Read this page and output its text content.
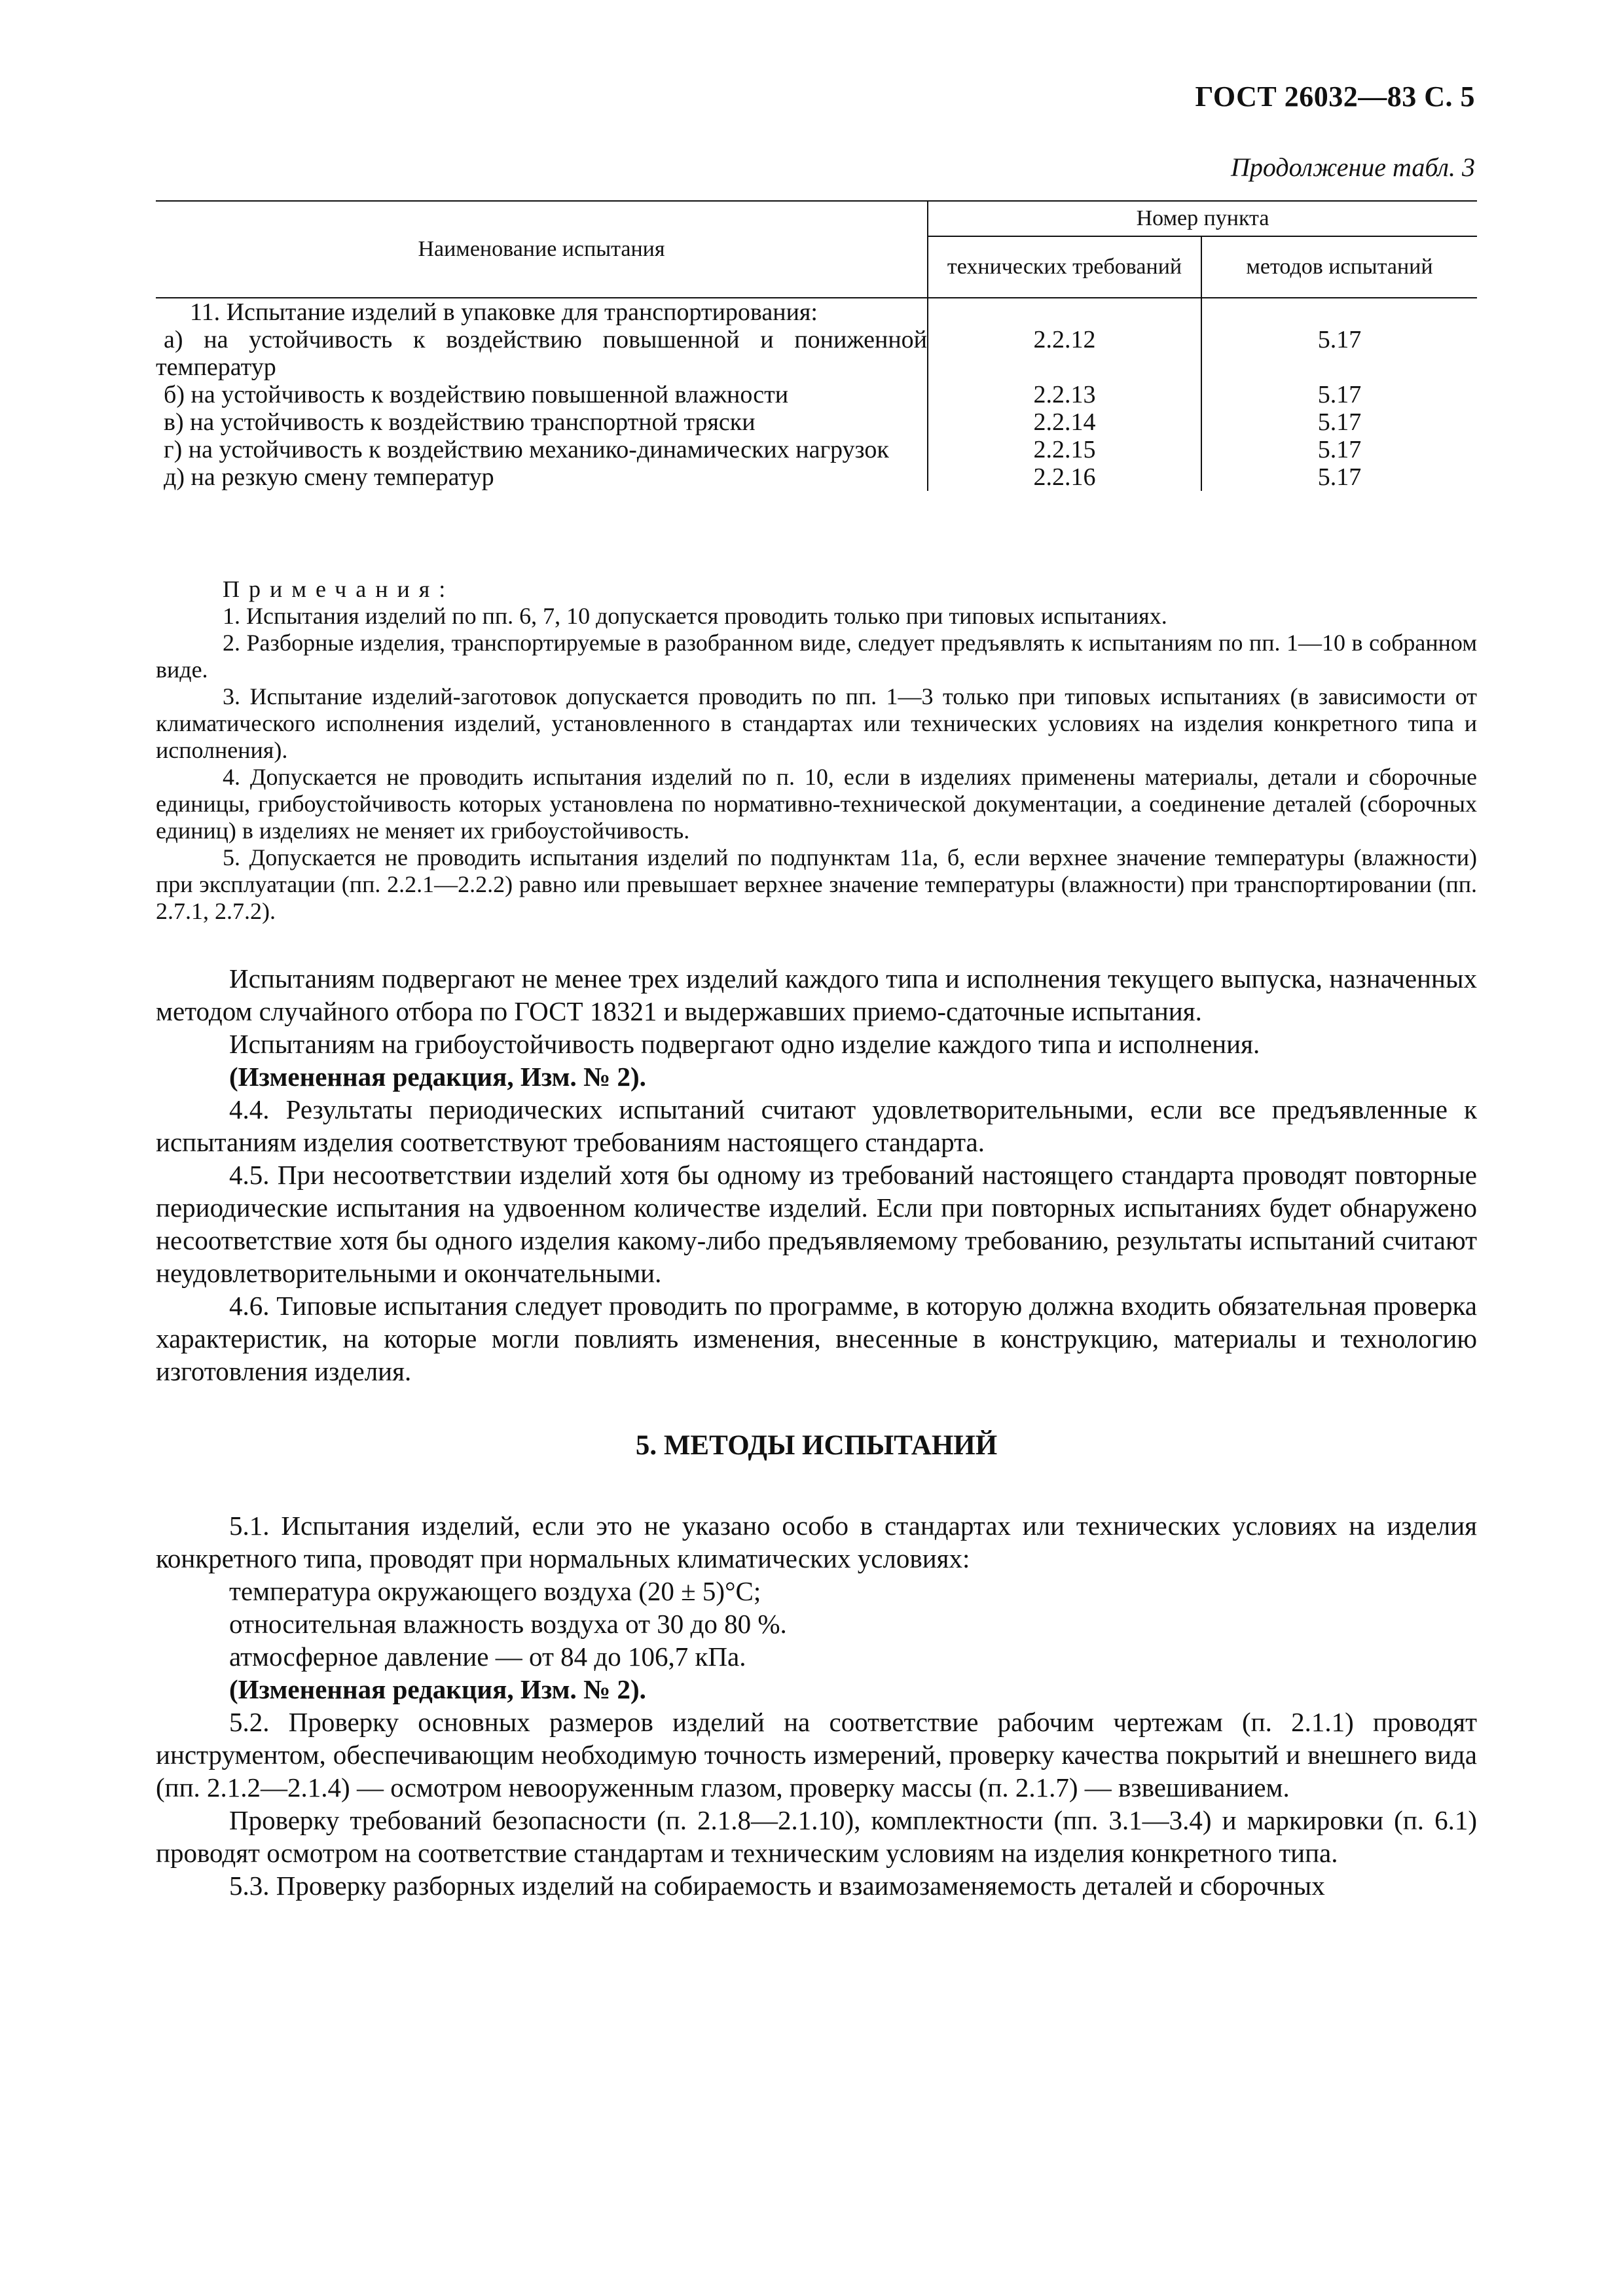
ГОСТ 26032—83 С. 5
Продолжение табл. 3
Наименование испытания	Номер пункта	
	технических требований	методов испытаний
11. Испытание изделий в упаковке для транспортирования:		
а) на устойчивость к воздействию повышенной и пониженной температур	2.2.12	5.17
б) на устойчивость к воздействию повышенной влажности	2.2.13	5.17
в) на устойчивость к воздействию транспортной тряски	2.2.14	5.17
г) на устойчивость к воздействию механико-динамических нагрузок	2.2.15	5.17
д) на резкую смену температур	2.2.16	5.17
Примечания:

1. Испытания изделий по пп. 6, 7, 10 допускается проводить только при типовых испытаниях.

2. Разборные изделия, транспортируемые в разобранном виде, следует предъявлять к испытаниям по пп. 1—10 в собранном виде.

3. Испытание изделий-заготовок допускается проводить по пп. 1—3 только при типовых испытаниях (в зависимости от климатического исполнения изделий, установленного в стандартах или технических условиях на изделия конкретного типа и исполнения).

4. Допускается не проводить испытания изделий по п. 10, если в изделиях применены материалы, детали и сборочные единицы, грибоустойчивость которых установлена по нормативно-технической документации, а соединение деталей (сборочных единиц) в изделиях не меняет их грибоустойчивость.

5. Допускается не проводить испытания изделий по подпунктам 11а, б, если верхнее значение температуры (влажности) при эксплуатации (пп. 2.2.1—2.2.2) равно или превышает верхнее значение температуры (влажности) при транспортировании (пп. 2.7.1, 2.7.2).

Испытаниям подвергают не менее трех изделий каждого типа и исполнения текущего выпуска, назначенных методом случайного отбора по ГОСТ 18321 и выдержавших приемо-сдаточные испытания.

Испытаниям на грибоустойчивость подвергают одно изделие каждого типа и исполнения.

(Измененная редакция, Изм. № 2).

4.4. Результаты периодических испытаний считают удовлетворительными, если все предъявленные к испытаниям изделия соответствуют требованиям настоящего стандарта.

4.5. При несоответствии изделий хотя бы одному из требований настоящего стандарта проводят повторные периодические испытания на удвоенном количестве изделий. Если при повторных испытаниях будет обнаружено несоответствие хотя бы одного изделия какому-либо предъявляемому требованию, результаты испытаний считают неудовлетворительными и окончательными.

4.6. Типовые испытания следует проводить по программе, в которую должна входить обязательная проверка характеристик, на которые могли повлиять изменения, внесенные в конструкцию, материалы и технологию изготовления изделия.

5. МЕТОДЫ ИСПЫТАНИЙ

5.1. Испытания изделий, если это не указано особо в стандартах или технических условиях на изделия конкретного типа, проводят при нормальных климатических условиях:

температура окружающего воздуха (20 ± 5)°С;

относительная влажность воздуха от 30 до 80 %.

атмосферное давление — от 84 до 106,7 кПа.

(Измененная редакция, Изм. № 2).

5.2. Проверку основных размеров изделий на соответствие рабочим чертежам (п. 2.1.1) проводят инструментом, обеспечивающим необходимую точность измерений, проверку качества покрытий и внешнего вида (пп. 2.1.2—2.1.4) — осмотром невооруженным глазом, проверку массы (п. 2.1.7) — взвешиванием.

Проверку требований безопасности (п. 2.1.8—2.1.10), комплектности (пп. 3.1—3.4) и маркировки (п. 6.1) проводят осмотром на соответствие стандартам и техническим условиям на изделия конкретного типа.

5.3. Проверку разборных изделий на собираемость и взаимозаменяемость деталей и сборочных
